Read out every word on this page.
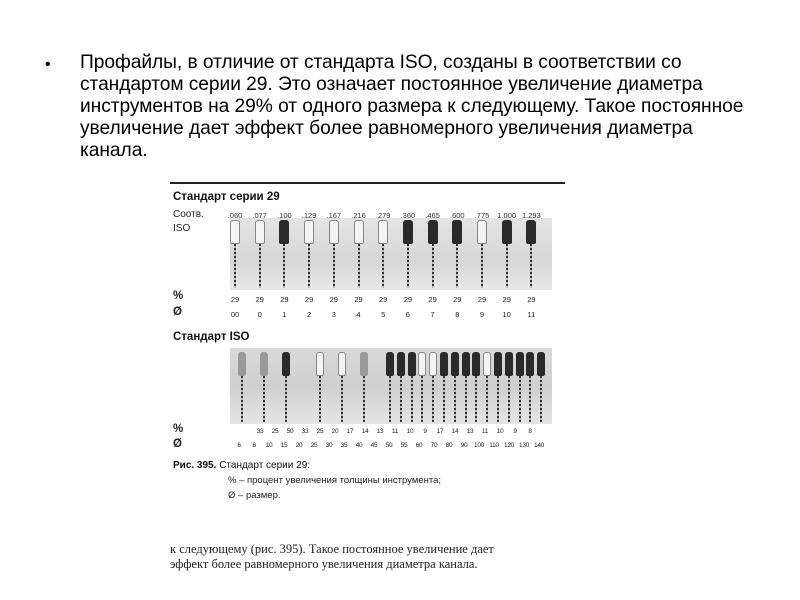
• Профайлы, в отличие от стандарта ISO, созданы в соответствии со стандартом серии 29. Это означает постоянное увеличение диаметра инструментов на 29% от одного размера к следующему. Такое постоянное увеличение дает эффект более равномерного увеличения диаметра канала.
Стандарт серии 29
Соотв.
ISO
.060	.077	.100	.129	.167	.216	.279	.360	.465	.600	.775	1.000 1.293
%
Ø
29	29	29	29	29	29	29	29	29	29	29	29	29
00	0	1	2	3	4	5	6	7	8	9	10	11
Стандарт ISO
%
Ø
33	25	50	33	25	20	17	14	13	11	10	9	17	14	13	11	10	9	8
6	8	10	15	20	25	30	35	40	45	50	55	60	70	80	90	100 110 120 130 140
Рис. 395. Стандарт серии 29:
% – процент увеличения толщины инструмента;
Ø – размер.
к следующему (рис. 395). Такое постоянное увеличение дает
эффект более равномерного увеличения диаметра канала.
